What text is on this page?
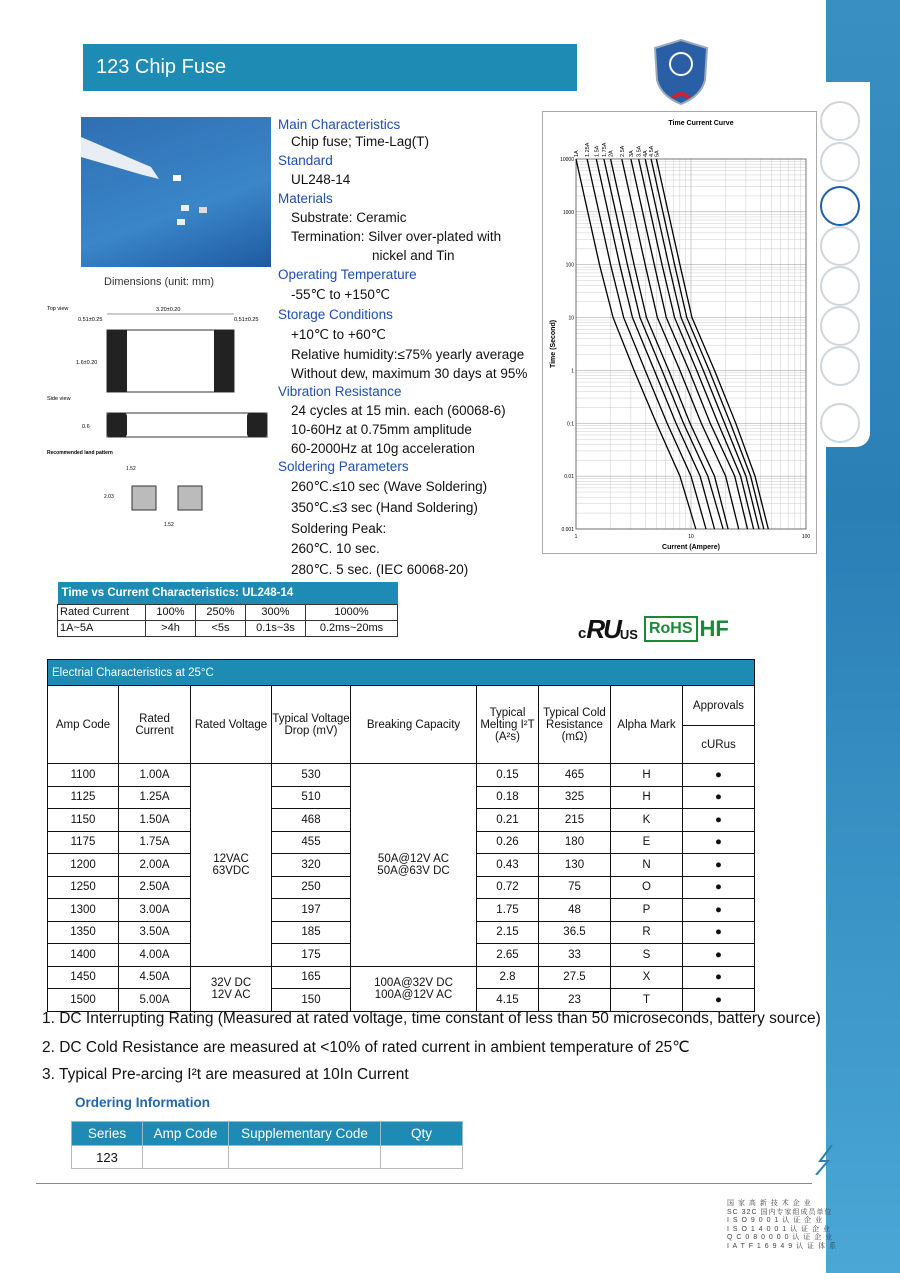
123 Chip Fuse
Dimensions (unit: mm)
Top view	3.20±0.20
0.51±0.25	0.51±0.25
1.6±0.20
Side view
0.6
Recommended land pattern
1.52
2.03
1.52
Main Characteristics
Chip fuse; Time-Lag(T)
Standard
UL248-14
Materials
Substrate: Ceramic
Termination: Silver over-plated with
nickel and Tin
Operating Temperature
-55℃ to +150℃
Storage Conditions
+10℃ to +60℃
Relative humidity:≤75% yearly average
Without dew, maximum 30 days at 95%
Vibration Resistance
24 cycles at 15 min. each (60068-6)
10-60Hz at 0.75mm amplitude
60-2000Hz at 10g acceleration
Soldering Parameters
260℃.≤10 sec (Wave Soldering)
350℃.≤3 sec (Hand Soldering)
Soldering Peak:
260℃. 10 sec.
280℃. 5 sec. (IEC 60068-20)
10000
1000
100
10
1
0.1
0.01
0.001
1	10	100
Time Current Curve
Current (Ampere)
Time (Second)
1A 1.25A 1.5A 1.75A 2A 2.5A 3A 3.5A 4A 4.5A 5A
Time vs Current Characteristics: UL248-14				
Rated Current	100%	250%	300%	1000%
1A~5A	>4h	<5s	0.1s~3s	0.2ms~20ms	c RU US RoHS HF
Electrial Characteristics at 25°C								
Amp Code	Rated Current	Rated Voltage	Typical Voltage Drop (mV)	Breaking Capacity	Typical Melting I²T (A²s)	Typical Cold Resistance (mΩ)	Alpha Mark	Approvals
								cURus
1100	1.00A	12VAC
63VDC	530	50A@12V AC
50A@63V DC	0.15	465	H	●
1125	1.25A		510		0.18	325	H	●
1150	1.50A		468		0.21	215	K	●
1175	1.75A		455		0.26	180	E	●
1200	2.00A		320		0.43	130	N	●
1250	2.50A		250		0.72	75	O	●
1300	3.00A		197		1.75	48	P	●
1350	3.50A		185		2.15	36.5	R	●
1400	4.00A		175		2.65	33	S	●
1450	4.50A	32V DC
12V AC	165	100A@32V DC
100A@12V AC	2.8	27.5	X	●
1500	5.00A		150		4.15	23	T	●
1. DC Interrupting Rating (Measured at rated voltage, time constant of less than 50 microseconds, battery source)
2. DC Cold Resistance are measured at <10% of rated current in ambient temperature of 25℃
3. Typical Pre-arcing I²t are measured at 10In Current
Ordering Information
Series	Amp Code	Supplementary Code	Qty
123			
国 家 高 新 技 术 企 业
SC 32C 国内专家组成员单位
I S O 9 0 0 1 认 证 企 业
I S O 1 4 0 0 1 认 证 企 业
Q C 0 8 0 0 0 0 认 证 企 业
I A T F 1 6 9 4 9 认 证 体 系
